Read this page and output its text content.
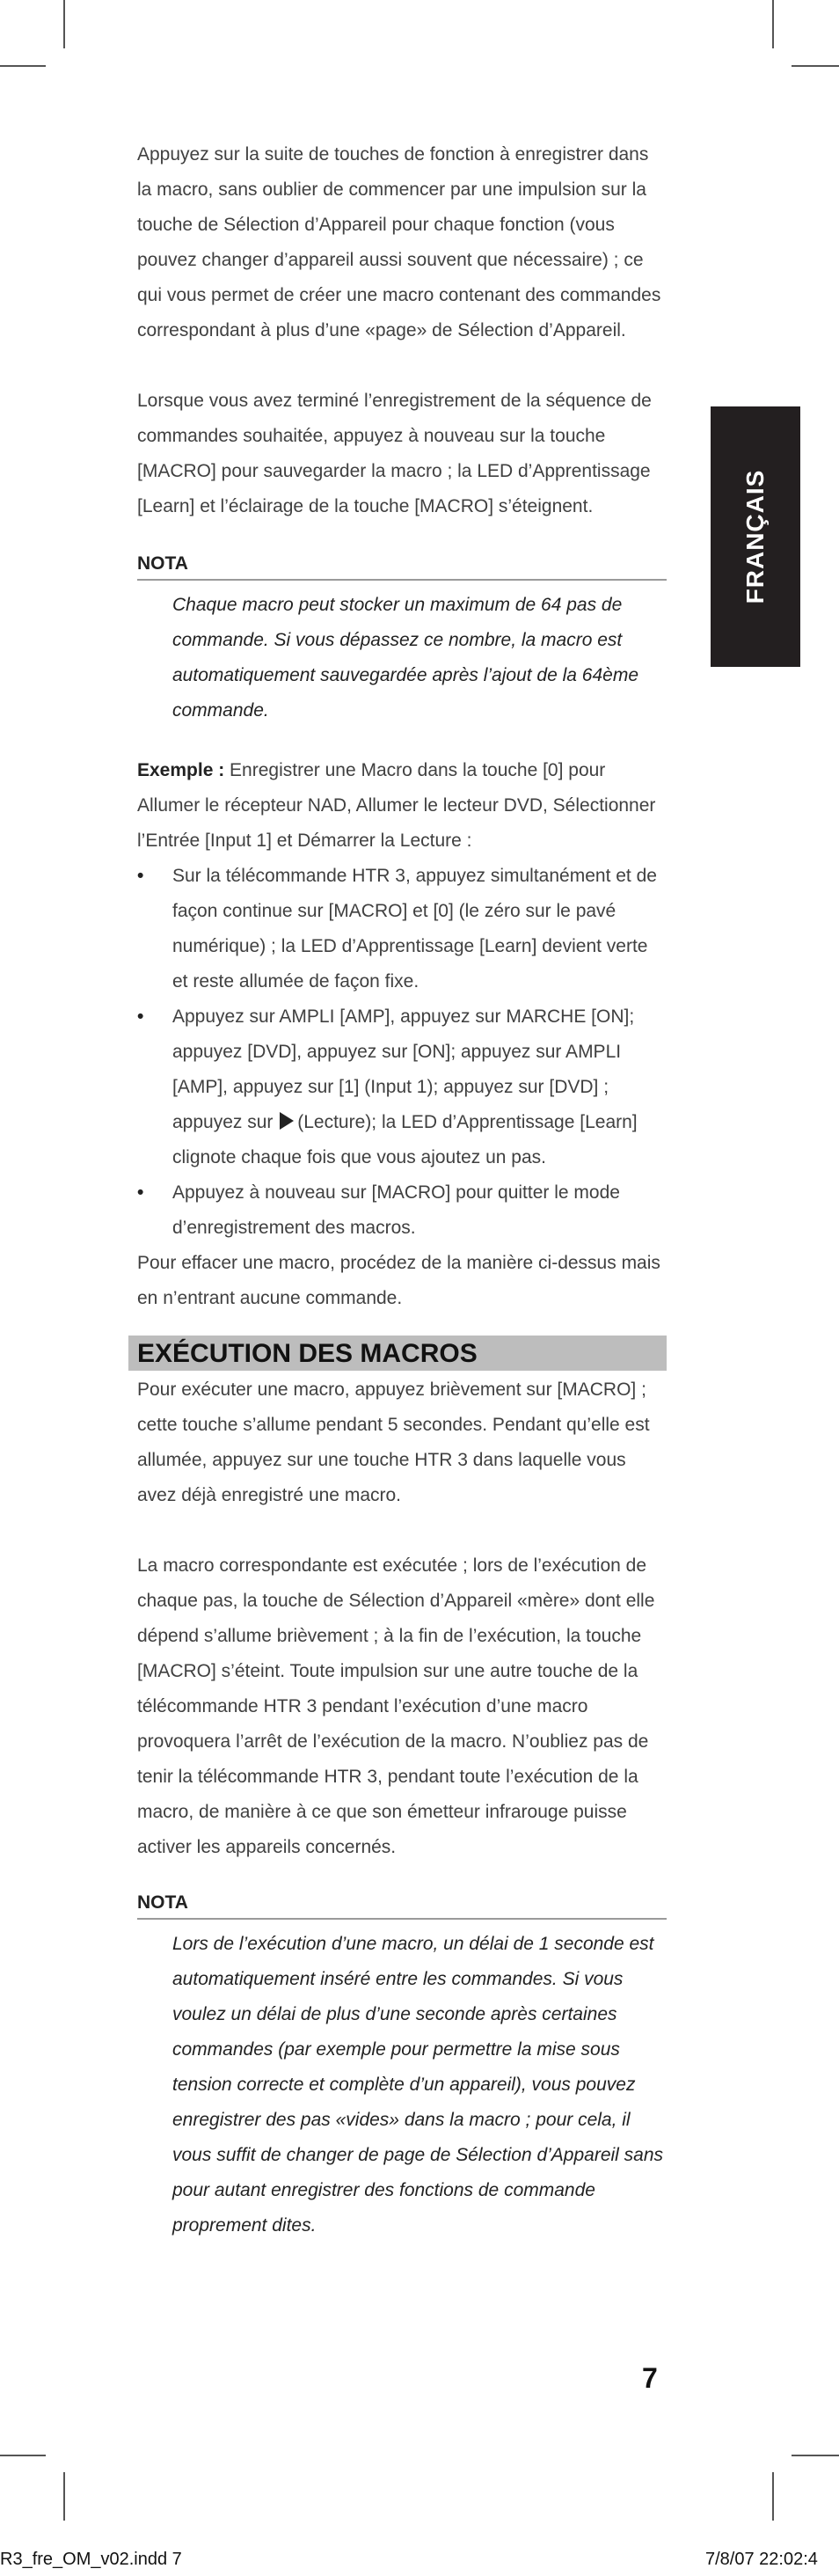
FRANÇAIS

Appuyez sur la suite de touches de fonction à enregistrer dans la macro, sans oublier de commencer par une impulsion sur la touche de Sélection d’Appareil pour chaque fonction (vous pouvez changer d’appareil aussi souvent que nécessaire) ; ce qui vous permet de créer une macro contenant des commandes correspondant à plus d’une «page» de Sélection d’Appareil.

Lorsque vous avez terminé l’enregistrement de la séquence de commandes souhaitée, appuyez à nouveau sur la touche [MACRO] pour sauvegarder la macro ; la LED d’Apprentissage [Learn] et l’éclairage de la touche [MACRO] s’éteignent.

NOTA
Chaque macro peut stocker un maximum de 64 pas de commande. Si vous dépassez ce nombre, la macro est automatiquement sauvegardée après l’ajout de la 64ème commande.

Exemple : Enregistrer une Macro dans la touche [0] pour Allumer le récepteur NAD, Allumer le lecteur DVD, Sélectionner l’Entrée [Input 1] et Démarrer la Lecture :

• Sur la télécommande HTR 3, appuyez simultanément et de façon continue sur [MACRO] et [0] (le zéro sur le pavé numérique) ; la LED d’Apprentissage [Learn] devient verte et reste allumée de façon fixe.
• Appuyez sur AMPLI [AMP], appuyez sur MARCHE [ON]; appuyez [DVD], appuyez sur [ON]; appuyez sur AMPLI [AMP], appuyez sur [1] (Input 1); appuyez sur [DVD] ; appuyez sur (Lecture); la LED d’Apprentissage [Learn] clignote chaque fois que vous ajoutez un pas.
• Appuyez à nouveau sur [MACRO] pour quitter le mode d’enregistrement des macros.

Pour effacer une macro, procédez de la manière ci-dessus mais en n’entrant aucune commande.

EXÉCUTION DES MACROS

Pour exécuter une macro, appuyez brièvement sur [MACRO] ; cette touche s’allume pendant 5 secondes. Pendant qu’elle est allumée, appuyez sur une touche HTR 3 dans laquelle vous avez déjà enregistré une macro.

La macro correspondante est exécutée ; lors de l’exécution de chaque pas, la touche de Sélection d’Appareil «mère» dont elle dépend s’allume brièvement ; à la fin de l’exécution, la touche [MACRO] s’éteint. Toute impulsion sur une autre touche de la télécommande HTR 3 pendant l’exécution d’une macro provoquera l’arrêt de l’exécution de la macro. N’oubliez pas de tenir la télécommande HTR 3, pendant toute l’exécution de la macro, de manière à ce que son émetteur infrarouge puisse activer les appareils concernés.

NOTA
Lors de l’exécution d’une macro, un délai de 1 seconde est automatiquement inséré entre les commandes. Si vous voulez un délai de plus d’une seconde après certaines commandes (par exemple pour permettre la mise sous tension correcte et complète d’un appareil), vous pouvez enregistrer des pas «vides» dans la macro ; pour cela, il vous suffit de changer de page de Sélection d’Appareil sans pour autant enregistrer des fonctions de commande proprement dites.
7
R3_fre_OM_v02.indd 7	7/8/07 22:02:4
